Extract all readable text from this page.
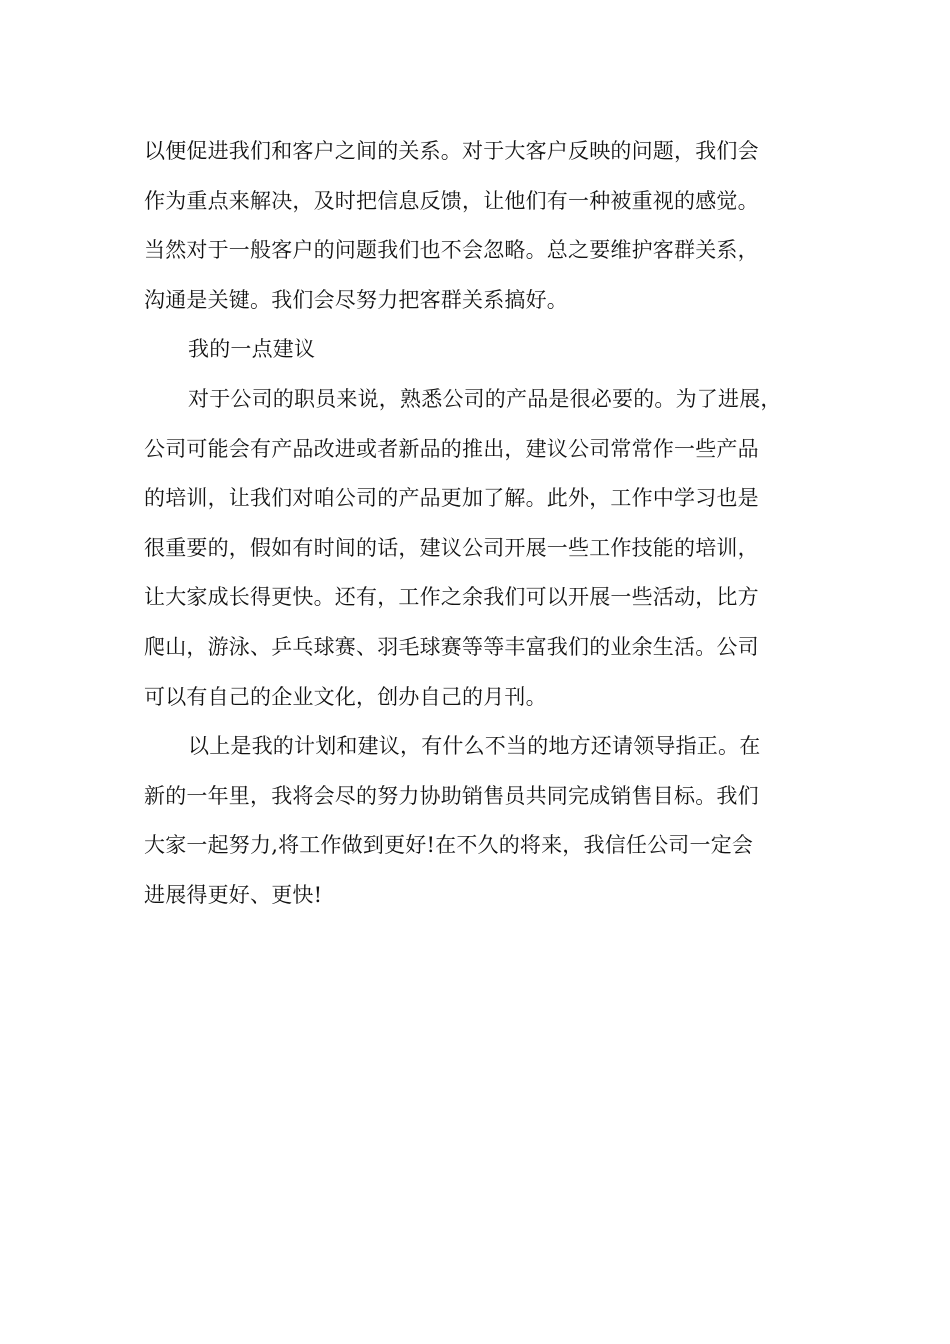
以便促进我们和客户之间的关系。对于大客户反映的问题，我们会
作为重点来解决，及时把信息反馈，让他们有一种被重视的感觉。
当然对于一般客户的问题我们也不会忽略。总之要维护客群关系，
沟通是关键。我们会尽努力把客群关系搞好。
我的一点建议
对于公司的职员来说，熟悉公司的产品是很必要的。为了进展，
公司可能会有产品改进或者新品的推出，建议公司常常作一些产品
的培训，让我们对咱公司的产品更加了解。此外，工作中学习也是
很重要的，假如有时间的话，建议公司开展一些工作技能的培训，
让大家成长得更快。还有，工作之余我们可以开展一些活动，比方
爬山，游泳、乒乓球赛、羽毛球赛等等丰富我们的业余生活。公司
可以有自己的企业文化，创办自己的月刊。
以上是我的计划和建议，有什么不当的地方还请领导指正。在
新的一年里，我将会尽的努力协助销售员共同完成销售目标。我们
大家一起努力,将工作做到更好!在不久的将来，我信任公司一定会
进展得更好、更快!
